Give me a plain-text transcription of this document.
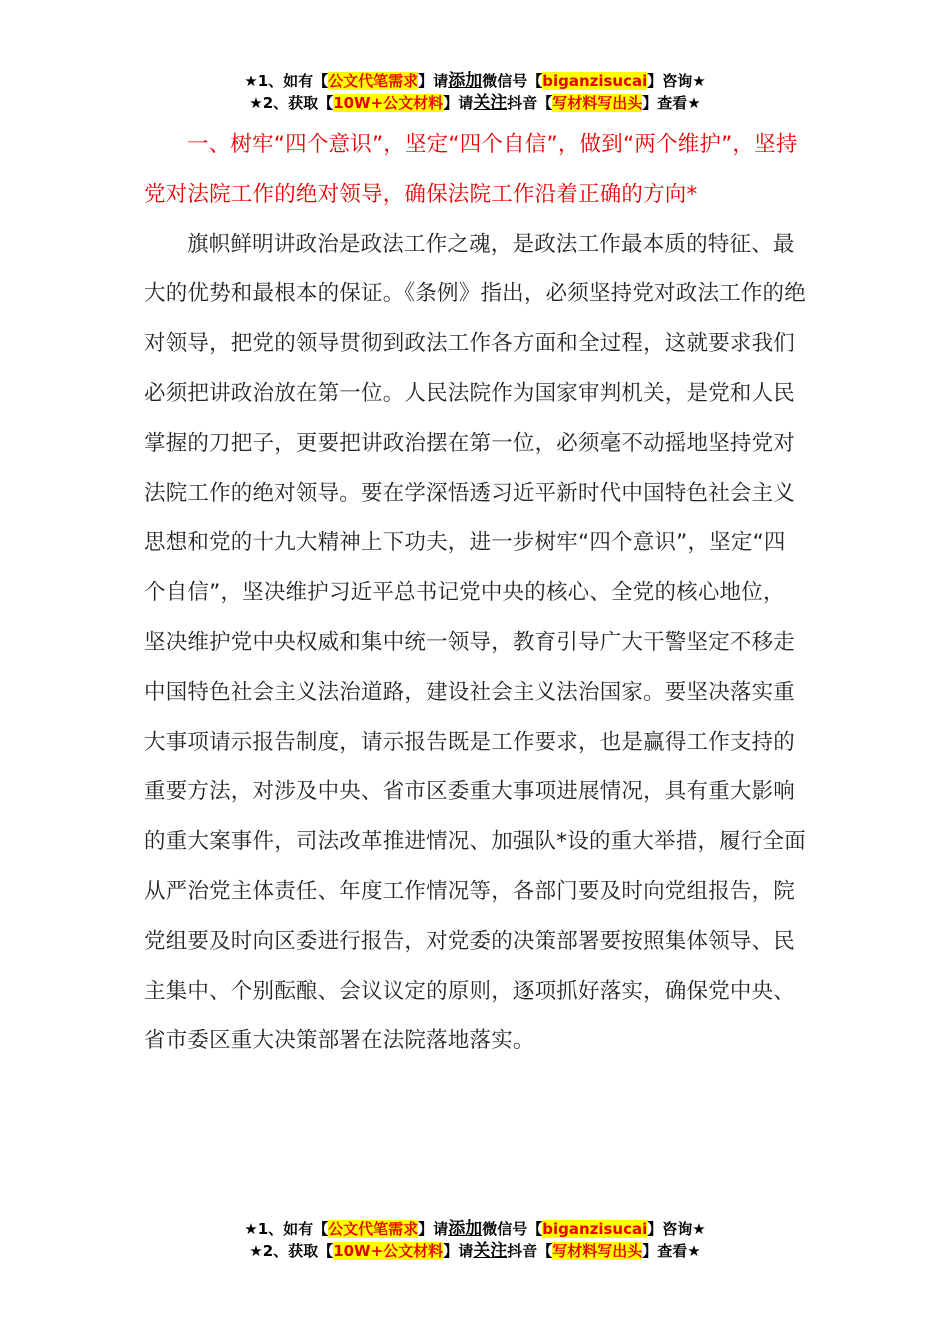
★1、如有【公文代笔需求】请添加微信号【biganzisucai】咨询★
★2、获取【10W+公文材料】请关注抖音【写材料写出头】查看★

一、树牢“四个意识”，坚定“四个自信”，做到“两个维护”，坚持党对法院工作的绝对领导，确保法院工作沿着正确的方向*

旗帜鲜明讲政治是政法工作之魂，是政法工作最本质的特征、最大的优势和最根本的保证。《条例》指出，必须坚持党对政法工作的绝对领导，把党的领导贯彻到政法工作各方面和全过程，这就要求我们必须把讲政治放在第一位。人民法院作为国家审判机关，是党和人民掌握的刀把子，更要把讲政治摆在第一位，必须毫不动摇地坚持党对法院工作的绝对领导。要在学深悟透习近平新时代中国特色社会主义思想和党的十九大精神上下功夫，进一步树牢“四个意识”，坚定“四个自信”，坚决维护习近平总书记党中央的核心、全党的核心地位，坚决维护党中央权威和集中统一领导，教育引导广大干警坚定不移走中国特色社会主义法治道路，建设社会主义法治国家。要坚决落实重大事项请示报告制度，请示报告既是工作要求，也是赢得工作支持的重要方法，对涉及中央、省市区委重大事项进展情况，具有重大影响的重大案事件，司法改革推进情况、加强队*设的重大举措，履行全面从严治党主体责任、年度工作情况等，各部门要及时向党组报告，院党组要及时向区委进行报告，对党委的决策部署要按照集体领导、民主集中、个别酝酿、会议议定的原则，逐项抓好落实，确保党中央、省市委区重大决策部署在法院落地落实。

★1、如有【公文代笔需求】请添加微信号【biganzisucai】咨询★
★2、获取【10W+公文材料】请关注抖音【写材料写出头】查看★
